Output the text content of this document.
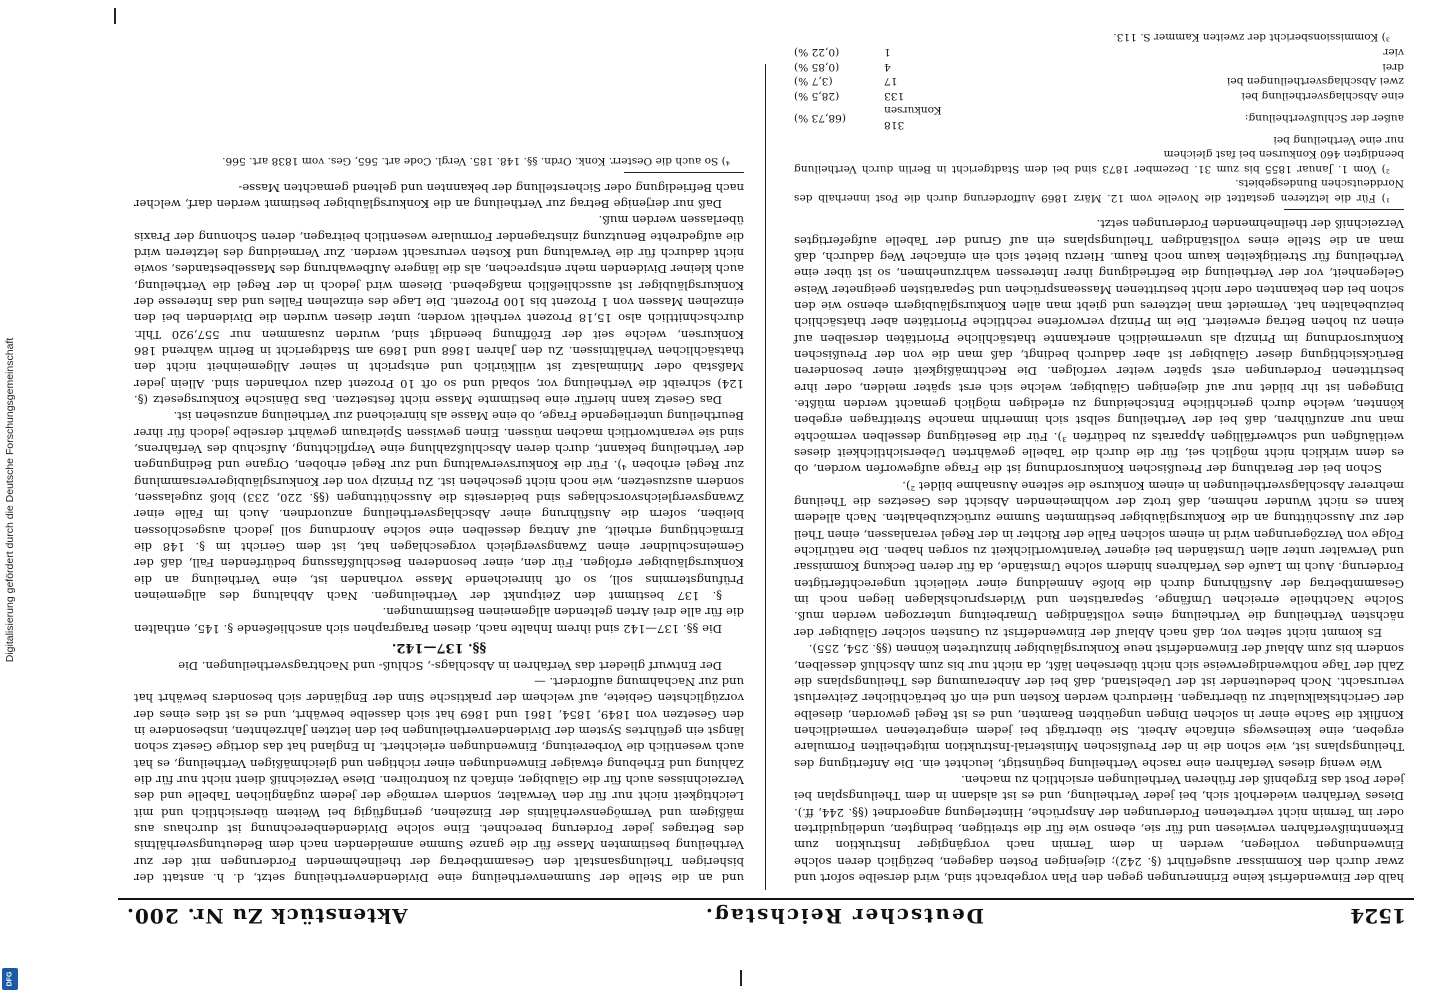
Digitalisierung gefördert durch die Deutsche Forschungsgemeinschaft
DFG
1524
Deutscher Reichstag.
Aktenstück Zu Nr. 200.

halb der Einwendefrist keine Erinnerungen gegen den Plan vorgebracht sind, wird derselbe sofort und zwar durch den Kommissar ausgeführt (§. 242); diejenigen Posten dagegen, bezüglich deren solche Einwendungen vorliegen, werden in dem Termin nach vorgängiger Instruktion zum Erkenntnißverfahren verwiesen und für sie, ebenso wie für die streitigen, bedingten, undeliquidirten oder im Termin nicht vertretenen Forderungen der Ansprüche, Hinterlegung angeordnet (§§. 244, ff.). Dieses Verfahren wiederholt sich, bei jeder Vertheilung, und es ist alsdann in dem Theilungsplan bei jeder Post das Ergebniß der früheren Vertheilungen ersichtlich zu machen.

Wie wenig dieses Verfahren eine rasche Vertheilung begünstigt, leuchtet ein. Die Anfertigung des Theilungsplans ist, wie schon die in der Preußischen Ministerial-Instruktion mitgetheilten Formulare ergeben, eine keineswegs einfache Arbeit. Sie überträgt bei jedem eingetretenen vermeidlichen Konflikt die Sache einer in solchen Dingen ungeübten Beamten, und es ist Regel geworden, dieselbe der Gerichtskalkulatur zu übertragen. Hierdurch werden Kosten und ein oft beträchtlicher Zeitverlust verursacht. Noch bedeutender ist der Uebelstand, daß bei der Anberaumung des Theilungsplans die Zahl der Tage nothwendigerweise sich nicht übersehen läßt, da nicht nur bis zum Abschluß desselben, sondern bis zum Ablauf der Einwendefrist neue Konkursgläubiger hinzutreten können (§§. 254, 255).

Es kommt nicht selten vor, daß nach Ablauf der Einwendefrist zu Gunsten solcher Gläubiger der nächsten Vertheilung die Vertheilung eines vollständigen Umarbeitung unterzogen werden muß. Solche Nachtheile erreichen Umfänge, Separatisten und Widerspruchsklagen liegen noch im Gesammtbetrag der Ausführung durch die bloße Anmeldung einer vielleicht ungerechtfertigten Forderung. Auch im Laufe des Verfahrens hindern solche Umstände, da für deren Deckung Kommissar und Verwalter unter allen Umständen bei eigener Verantwortlichkeit zu sorgen haben. Die natürliche Folge von Verzögerungen wird in einem solchen Falle der Richter in der Regel veranlassen, einen Theil der zur Ausschüttung an die Konkursgläubiger bestimmten Summe zurückzubehalten. Nach alledem kann es nicht Wunder nehmen, daß trotz der wohlmeinenden Absicht des Gesetzes die Theilung mehrerer Abschlagsvertheilungen in einem Konkurse die seltene Ausnahme bildet ²).

Schon bei der Berathung der Preußischen Konkursordnung ist die Frage aufgeworfen worden, ob es denn wirklich nicht möglich sei, für die durch die Tabelle gewährten Uebersichtlichkeit dieses weitläufigen und schwerfälligen Apparats zu bedürfen ³). Für die Beseitigung desselben vermöchte man nur anzuführen, daß bei der Vertheilung selbst sich immerhin manche Streitfragen ergeben könnten, welche durch gerichtliche Entscheidung zu erledigen möglich gemacht werden müßte. Dingegen ist ihr bildet nur auf diejenigen Gläubiger, welche sich erst später melden, oder ihre bestrittenen Forderungen erst später weiter verfolgen. Die Rechtmäßigkeit einer besonderen Berücksichtigung dieser Gläubiger ist aber dadurch bedingt, daß man die von der Preußischen Konkursordnung im Prinzip als unvermeidlich anerkannte thatsächliche Prioritäten derselben auf einen zu hohen Betrag erweitert. Die im Prinzip verworfene rechtliche Prioritäten aber thatsächlich beizubehalten hat. Vermeidet man letzteres und giebt man allen Konkursgläubigern ebenso wie den schon bei den bekannten oder nicht bestrittenen Masseansprüchen und Separatisten geeigneter Weise Gelegenheit, vor der Vertheilung die Befriedigung ihrer Interessen wahrzunehmen, so ist über eine Vertheilung für Streitigkeiten kaum noch Raum. Hierzu bietet sich ein einfacher Weg dadurch, daß man an die Stelle eines vollständigen Theilungsplans ein auf Grund der Tabelle aufgefertigtes Verzeichniß der theilnehmenden Forderungen setzt.

¹) Für die letzteren gestattet die Novelle vom 12. März 1869 Aufforderung durch die Post innerhalb des Norddeutschen Bundesgebiets.

²) Vom 1. Januar 1855 bis zum 31. Dezember 1873 sind bei dem Stadtgericht in Berlin durch Vertheilung beendigten 460 Konkursen bei fast gleichem

nur eine Vertheilung bei		
außer der Schlußvertheilung:	318 Konkursen	(68,73 %)
eine Abschlagsvertheilung bei	133	(28,5 %)
zwei Abschlagsvertheilungen bei	17	(3,7 %)
drei	4	(0,85 %)
vier	1	(0,22 %)

³) Kommissionsbericht der zweiten Kammer S. 113.

und an die Stelle der Summenvertheilung eine Dividendenvertheilung setzt, d. h. anstatt der bisherigen Theilungsanstalt den Gesammtbetrag der theilnehmenden Forderungen mit der zur Vertheilung bestimmten Masse für die ganze Summe anmeldenden nach dem Bedeutungsverhältnis des Betrages jeder Forderung berechnet. Eine solche Dividendenberechnung ist durchaus aus mäßigem und Vermögensverhältnis der Einzelnen, geringfügig bei Weitem übersichtlich und mit Leichtigkeit nicht nur für den Verwalter, sondern vermöge der jedem zugänglichen Tabelle und des Verzeichnisses auch für die Gläubiger, einfach zu kontroliren. Diese Verzeichniß dient nicht nur für die Zahlung und Erhebung etwaiger Einwendungen einer richtigen und gleichmäßigen Vertheilung, es hat auch wesentlich die Vorbereitung, Einwendungen erleichtert. In England hat das dortige Gesetz schon längst ein geführtes System der Dividendenvertheilungen bei den letzten Jahrzehnten, insbesondere in den Gesetzen von 1849, 1854, 1861 und 1869 hat sich dasselbe bewährt, und es ist dies eines der vorzüglichsten Gebiete, auf welchem der praktische Sinn der Engländer sich besonders bewährt hat und zur Nachahmung auffordert. —

Der Entwurf gliedert das Verfahren in Abschlags-, Schluß- und Nachtragsvertheilungen. Die

§§. 137—142.

Die §§. 137—142 sind ihrem Inhalte nach, diesen Paragraphen sich anschließende §. 145, enthalten die für alle drei Arten geltenden allgemeinen Bestimmungen.

§. 137 bestimmt den Zeitpunkt der Vertheilungen. Nach Abhaltung des allgemeinen Prüfungstermins soll, so oft hinreichende Masse vorhanden ist, eine Vertheilung an die Konkursgläubiger erfolgen. Für den, einer besonderen Beschlußfassung bedürfenden Fall, daß der Gemeinschuldner einen Zwangsvergleich vorgeschlagen hat, ist dem Gericht im §. 148 die Ermächtigung ertheilt, auf Antrag desselben eine solche Anordnung soll jedoch ausgeschlossen bleiben, sofern die Ausführung einer Abschlagsvertheilung anzuordnen. Auch im Falle einer Zwangsvergleichsvorschlages sind beiderseits die Ausschüttungen (§§. 220, 233) bloß zugelassen, sondern auszusetzen, wie noch nicht geschehen ist. Zu Prinzip von der Konkursgläubigerversammlung zur Regel erhoben ⁴). Für die Konkursverwaltung und zur Regel erhoben, Organe und Bedingungen der Vertheilung bekannt, durch deren Abschlußzahlung eine Verpflichtung, Aufschub des Verfahrens, sind sie verantwortlich machen müssen. Einen gewissen Spielraum gewährt derselbe jedoch für ihrer Beurtheilung unterliegende Frage, ob eine Masse als hinreichend zur Vertheilung anzusehen ist.

Das Gesetz kann hierfür eine bestimmte Masse nicht festsetzen. Das Dänische Konkursgesetz (§. 124) schreibt die Vertheilung vor, sobald und so oft 10 Prozent dazu vorhanden sind. Allein jeder Maßstab oder Minimalsatz ist willkürlich und entspricht in seiner Allgemeinheit nicht den thatsächlichen Verhältnissen. Zu den Jahren 1868 und 1869 am Stadtgericht in Berlin während 186 Konkursen, welche seit der Eröffnung beendigt sind, wurden zusammen nur 557,920 Thlr. durchschnittlich also 15,18 Prozent vertheilt worden; unter diesen wurden die Dividenden bei den einzelnen Massen von 1 Prozent bis 100 Prozent. Die Lage des einzelnen Falles und das Interesse der Konkursgläubiger ist ausschließlich maßgebend. Diesem wird jedoch in der Regel die Vertheilung, auch kleiner Dividenden mehr entsprechen, als die längere Aufbewahrung des Masselbestandes, sowie nicht dadurch für die Verwaltung und Kosten verursacht werden. Zur Vermeidung des letzteren wird die aufgedrehte Benutzung zinstragender Formulare wesentlich beitragen, deren Schonung der Praxis überlassen werden muß.

Daß nur derjenige Betrag zur Vertheilung an die Konkursgläubiger bestimmt werden darf, welcher nach Befriedigung oder Sicherstellung der bekannten und geltend gemachten Masse-

⁴) So auch die Oesterr. Konk. Ordn. §§. 148. 185. Vergl. Code art. 565, Ges. vom 1838 art. 566.
